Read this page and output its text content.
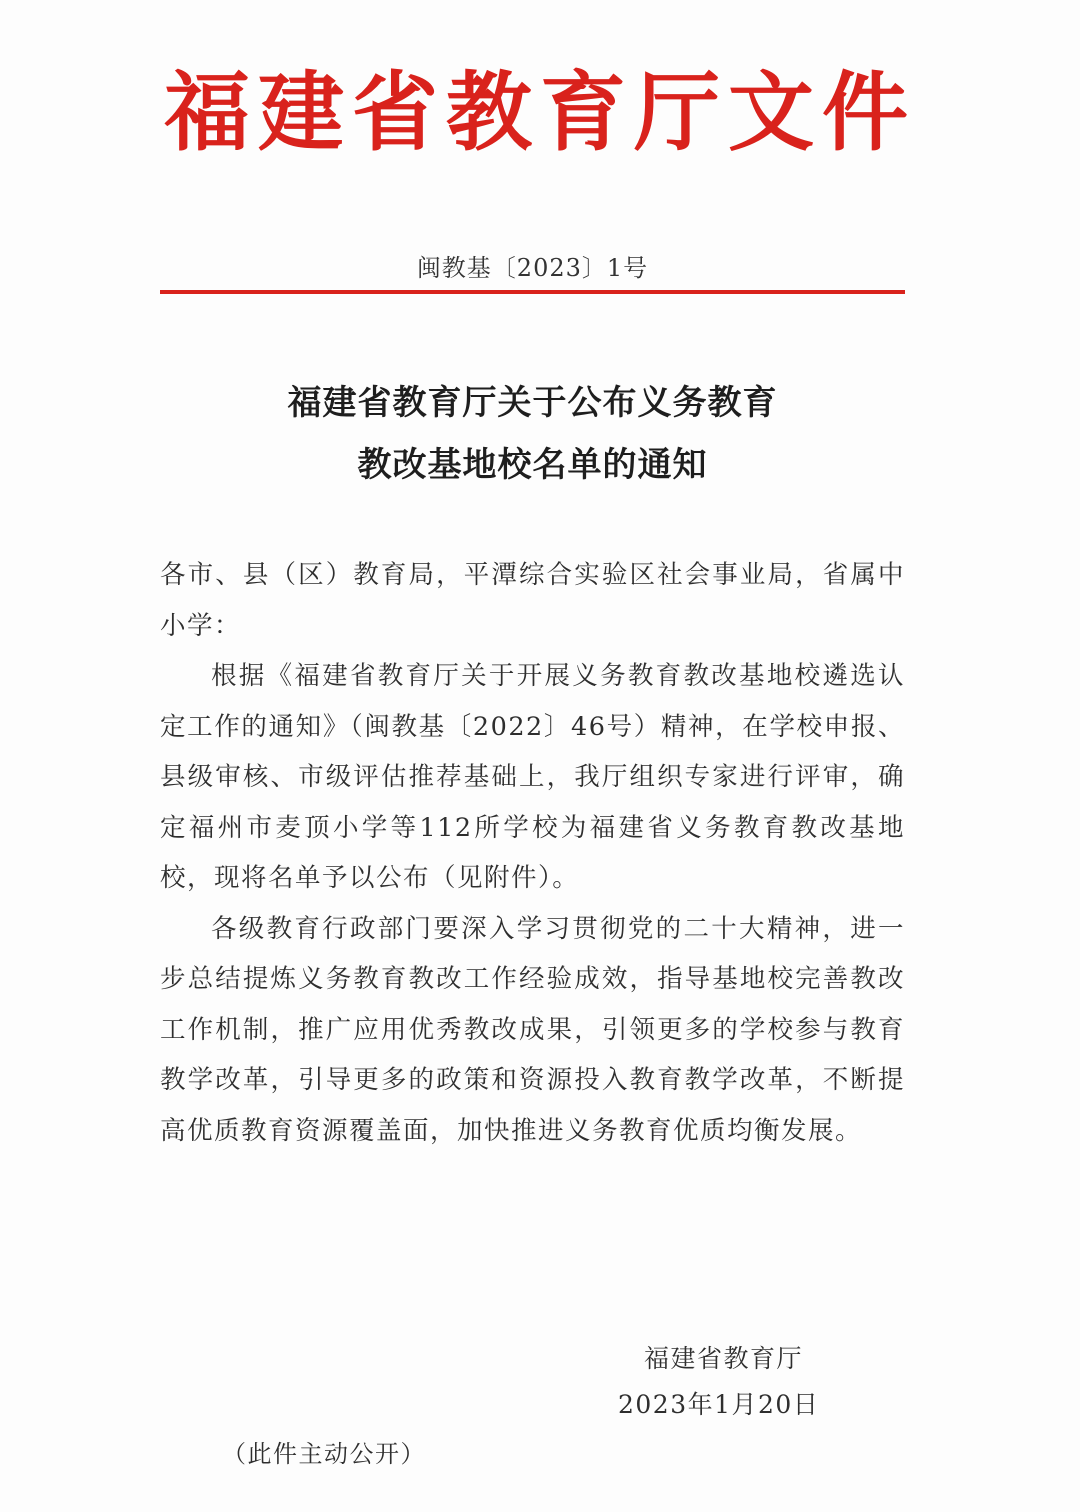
福建省教育厅文件
闽教基〔2023〕1号
福建省教育厅关于公布义务教育
教改基地校名单的通知

各市、县（区）教育局，平潭综合实验区社会事业局，省属中小学：

根据《福建省教育厅关于开展义务教育教改基地校遴选认定工作的通知》（闽教基〔2022〕46号）精神，在学校申报、县级审核、市级评估推荐基础上，我厅组织专家进行评审，确定福州市麦顶小学等112所学校为福建省义务教育教改基地校，现将名单予以公布（见附件）。

各级教育行政部门要深入学习贯彻党的二十大精神，进一步总结提炼义务教育教改工作经验成效，指导基地校完善教改工作机制，推广应用优秀教改成果，引领更多的学校参与教育教学改革，引导更多的政策和资源投入教育教学改革，不断提高优质教育资源覆盖面，加快推进义务教育优质均衡发展。

福建省教育厅
2023年1月20日
（此件主动公开）
